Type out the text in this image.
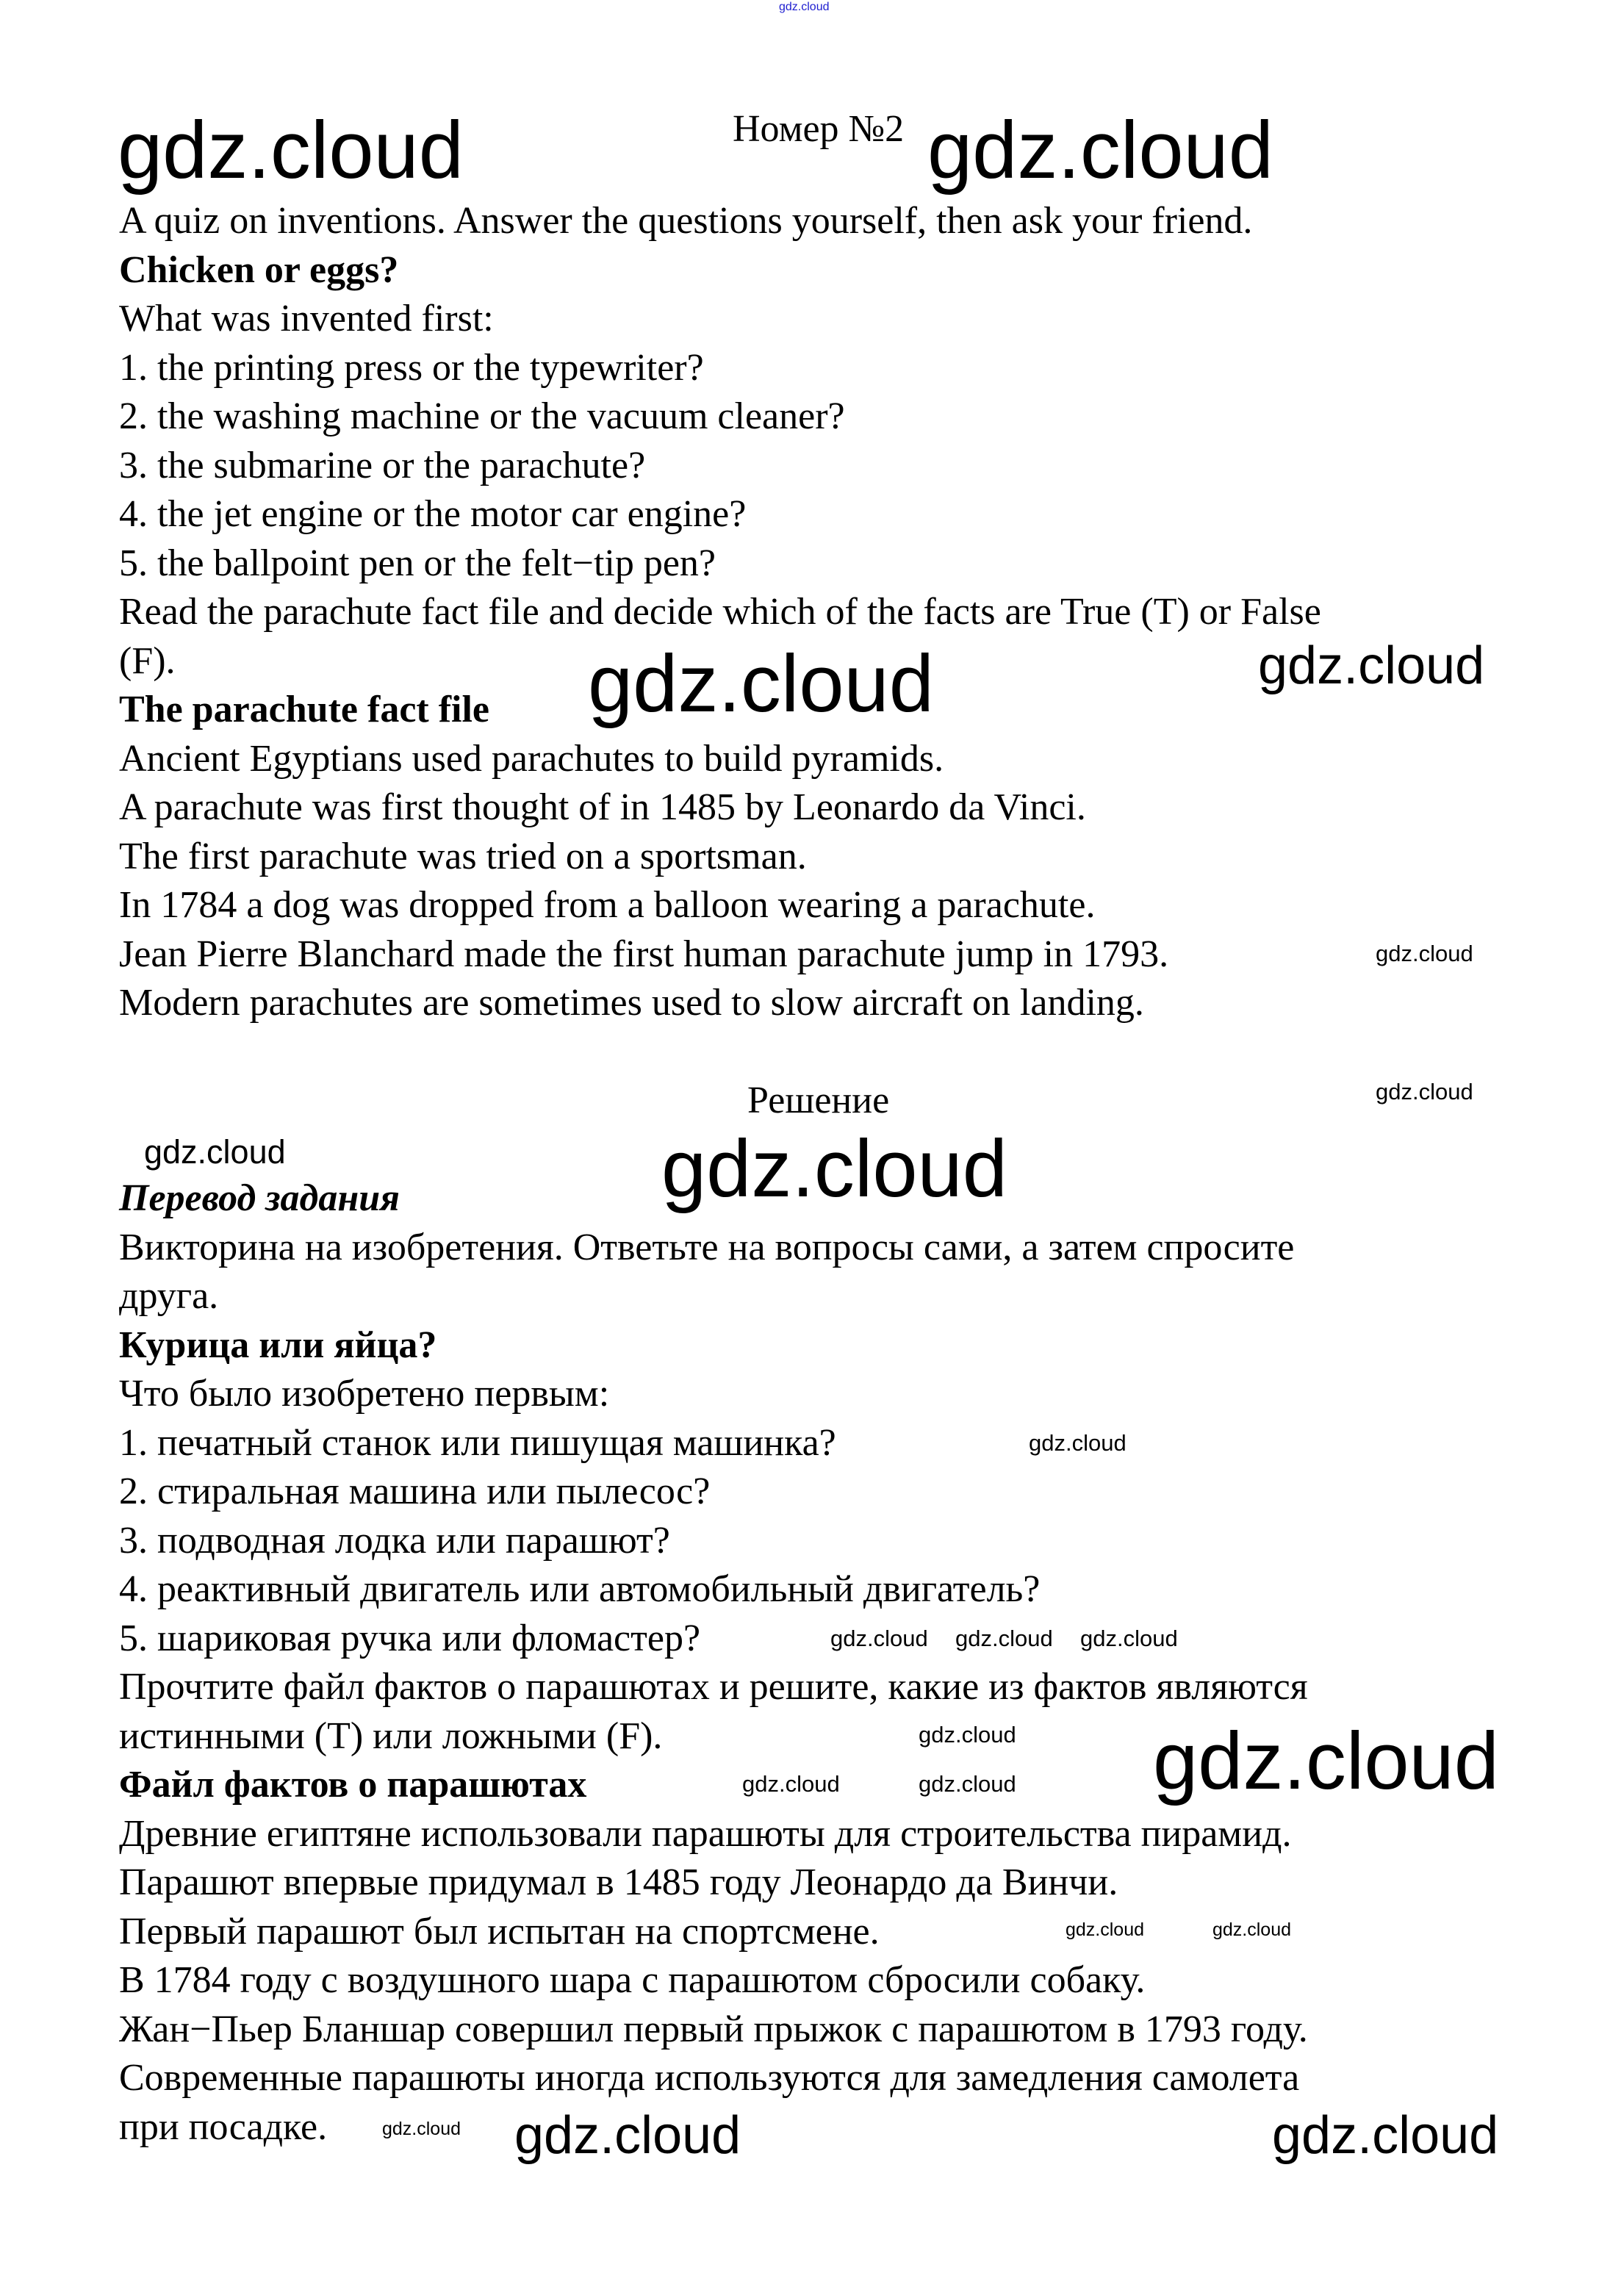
A quiz on inventions. Answer the questions yourself, then ask your friend.
Chicken or eggs?
What was invented first:
1. the printing press or the typewriter?
2. the washing machine or the vacuum cleaner?
3. the submarine or the parachute?
4. the jet engine or the motor car engine?
5. the ballpoint pen or the felt−tip pen?
Read the parachute fact file and decide which of the facts are True (T) or False
(F).
The parachute fact file
Ancient Egyptians used parachutes to build pyramids.
A parachute was first thought of in 1485 by Leonardo da Vinci.
The first parachute was tried on a sportsman.
In 1784 a dog was dropped from a balloon wearing a parachute.
Jean Pierre Blanchard made the first human parachute jump in 1793.
Modern parachutes are sometimes used to slow aircraft on landing.
Решение
Перевод задания
Викторина на изобретения. Ответьте на вопросы сами, а затем спросите
друга.
Курица или яйца?
Что было изобретено первым:
1. печатный станок или пишущая машинка?
2. стиральная машина или пылесос?
3. подводная лодка или парашют?
4. реактивный двигатель или автомобильный двигатель?
5. шариковая ручка или фломастер?
Прочтите файл фактов о парашютах и решите, какие из фактов являются
истинными (T) или ложными (F).
Файл фактов о парашютах
Древние египтяне использовали парашюты для строительства пирамид.
Парашют впервые придумал в 1485 году Леонардо да Винчи.
Первый парашют был испытан на спортсмене.
В 1784 году с воздушного шара с парашютом сбросили собаку.
Жан−Пьер Бланшар совершил первый прыжок с парашютом в 1793 году.
Современные парашюты иногда используются для замедления самолета
при посадке.
Номер №2
gdz.cloud
gdz.cloud	gdz.cloud
gdz.cloud	gdz.cloud
gdz.cloud
gdz.cloud
gdz.cloud	gdz.cloud
gdz.cloud
gdz.cloud gdz.cloud gdz.cloud
gdz.cloud
gdz.cloud
gdz.cloud
gdz.cloud
gdz.cloud	gdz.cloud
gdz.cloud gdz.cloud	gdz.cloud
